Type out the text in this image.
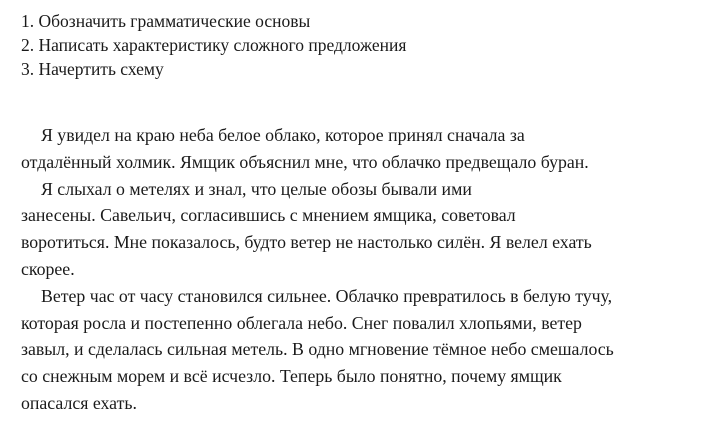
1. Обозначить грамматические основы
2. Написать характеристику сложного предложения
3. Начертить схему
Я увидел на краю неба белое облако, которое принял сначала за
отдалённый холмик. Ямщик объяснил мне, что облачко предвещало буран.
Я слыхал о метелях и знал, что целые обозы бывали ими
занесены. Савельич, согласившись с мнением ямщика, советовал
воротиться. Мне показалось, будто ветер не настолько силён. Я велел ехать
скорее.
Ветер час от часу становился сильнее. Облачко превратилось в белую тучу,
которая росла и постепенно облегала небо. Снег повалил хлопьями, ветер
завыл, и сделалась сильная метель. В одно мгновение тёмное небо смешалось
со снежным морем и всё исчезло. Теперь было понятно, почему ямщик
опасался ехать.
